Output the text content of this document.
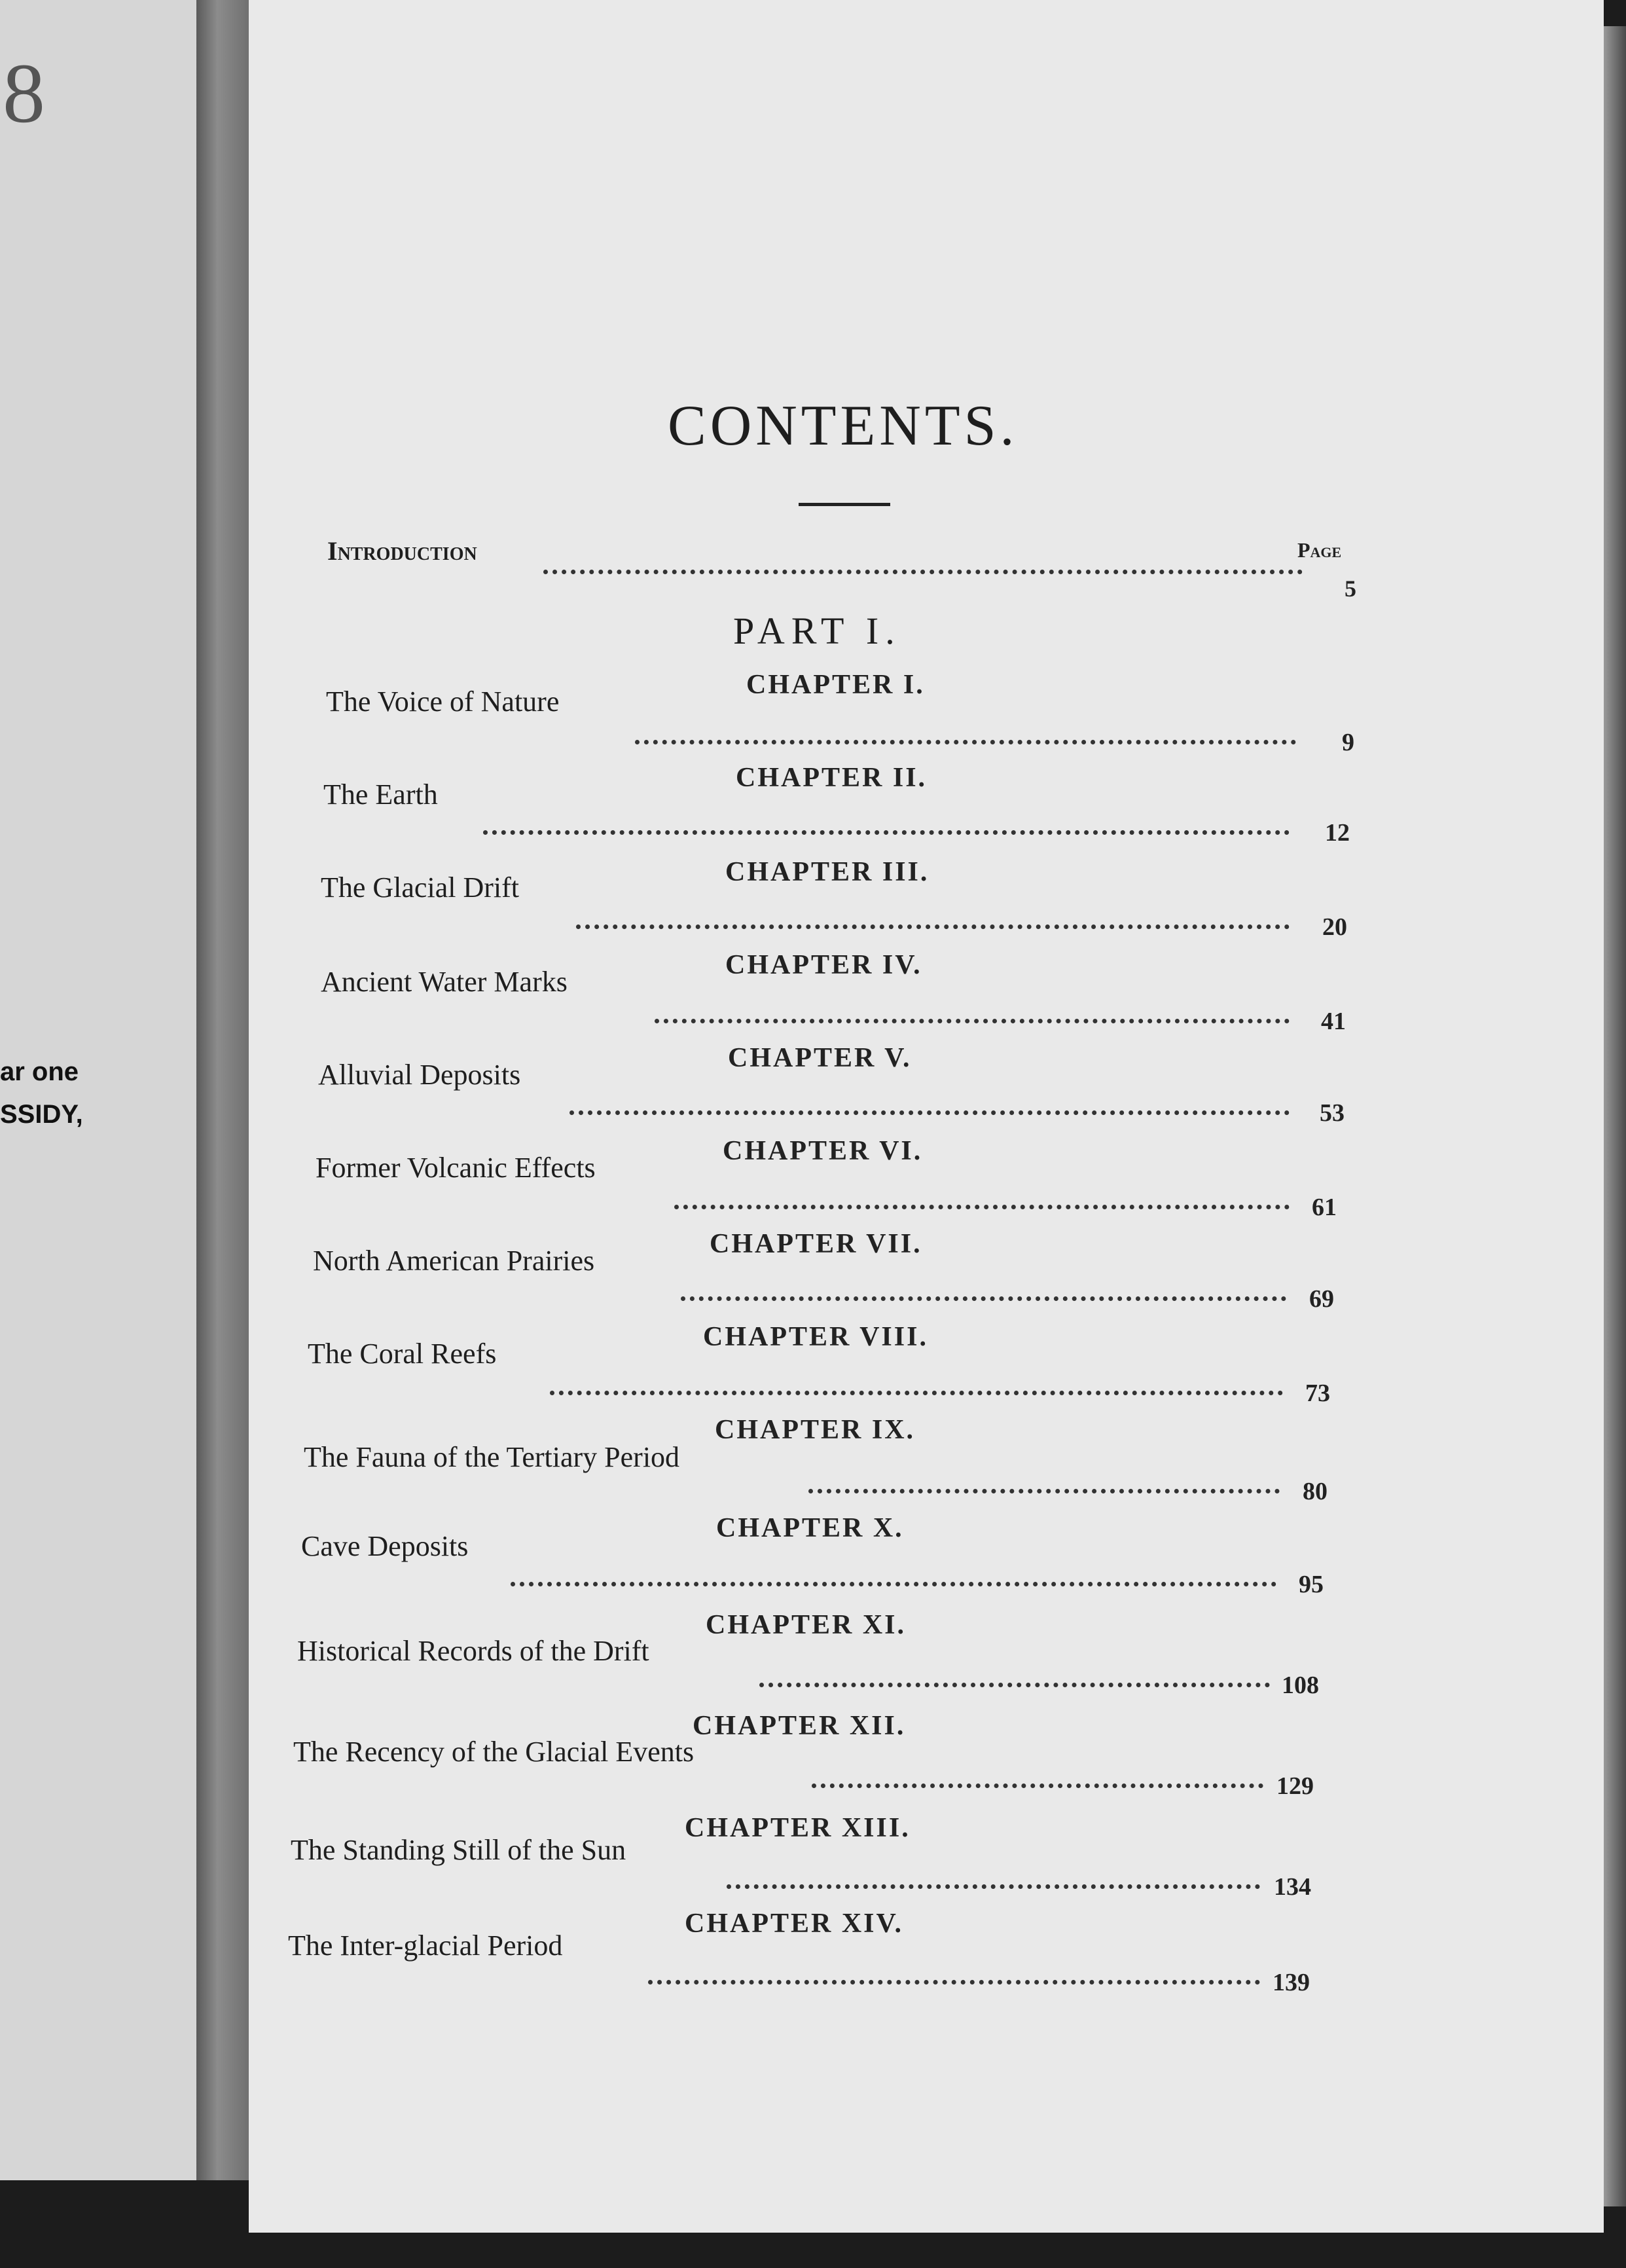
8
ar one
SSIDY,
CONTENTS.
Introduction	Page
5
PART I.
CHAPTER I.
The Voice of Nature
9
CHAPTER II.
The Earth
12
CHAPTER III.
The Glacial Drift
20
CHAPTER IV.
Ancient Water Marks
41
CHAPTER V.
Alluvial Deposits
53
CHAPTER VI.
Former Volcanic Effects
61
CHAPTER VII.
North American Prairies
69
CHAPTER VIII.
The Coral Reefs
73
CHAPTER IX.
The Fauna of the Tertiary Period
80
CHAPTER X.
Cave Deposits
95
CHAPTER XI.
Historical Records of the Drift
108
CHAPTER XII.
The Recency of the Glacial Events
129
CHAPTER XIII.
The Standing Still of the Sun
134
CHAPTER XIV.
The Inter-glacial Period
139
